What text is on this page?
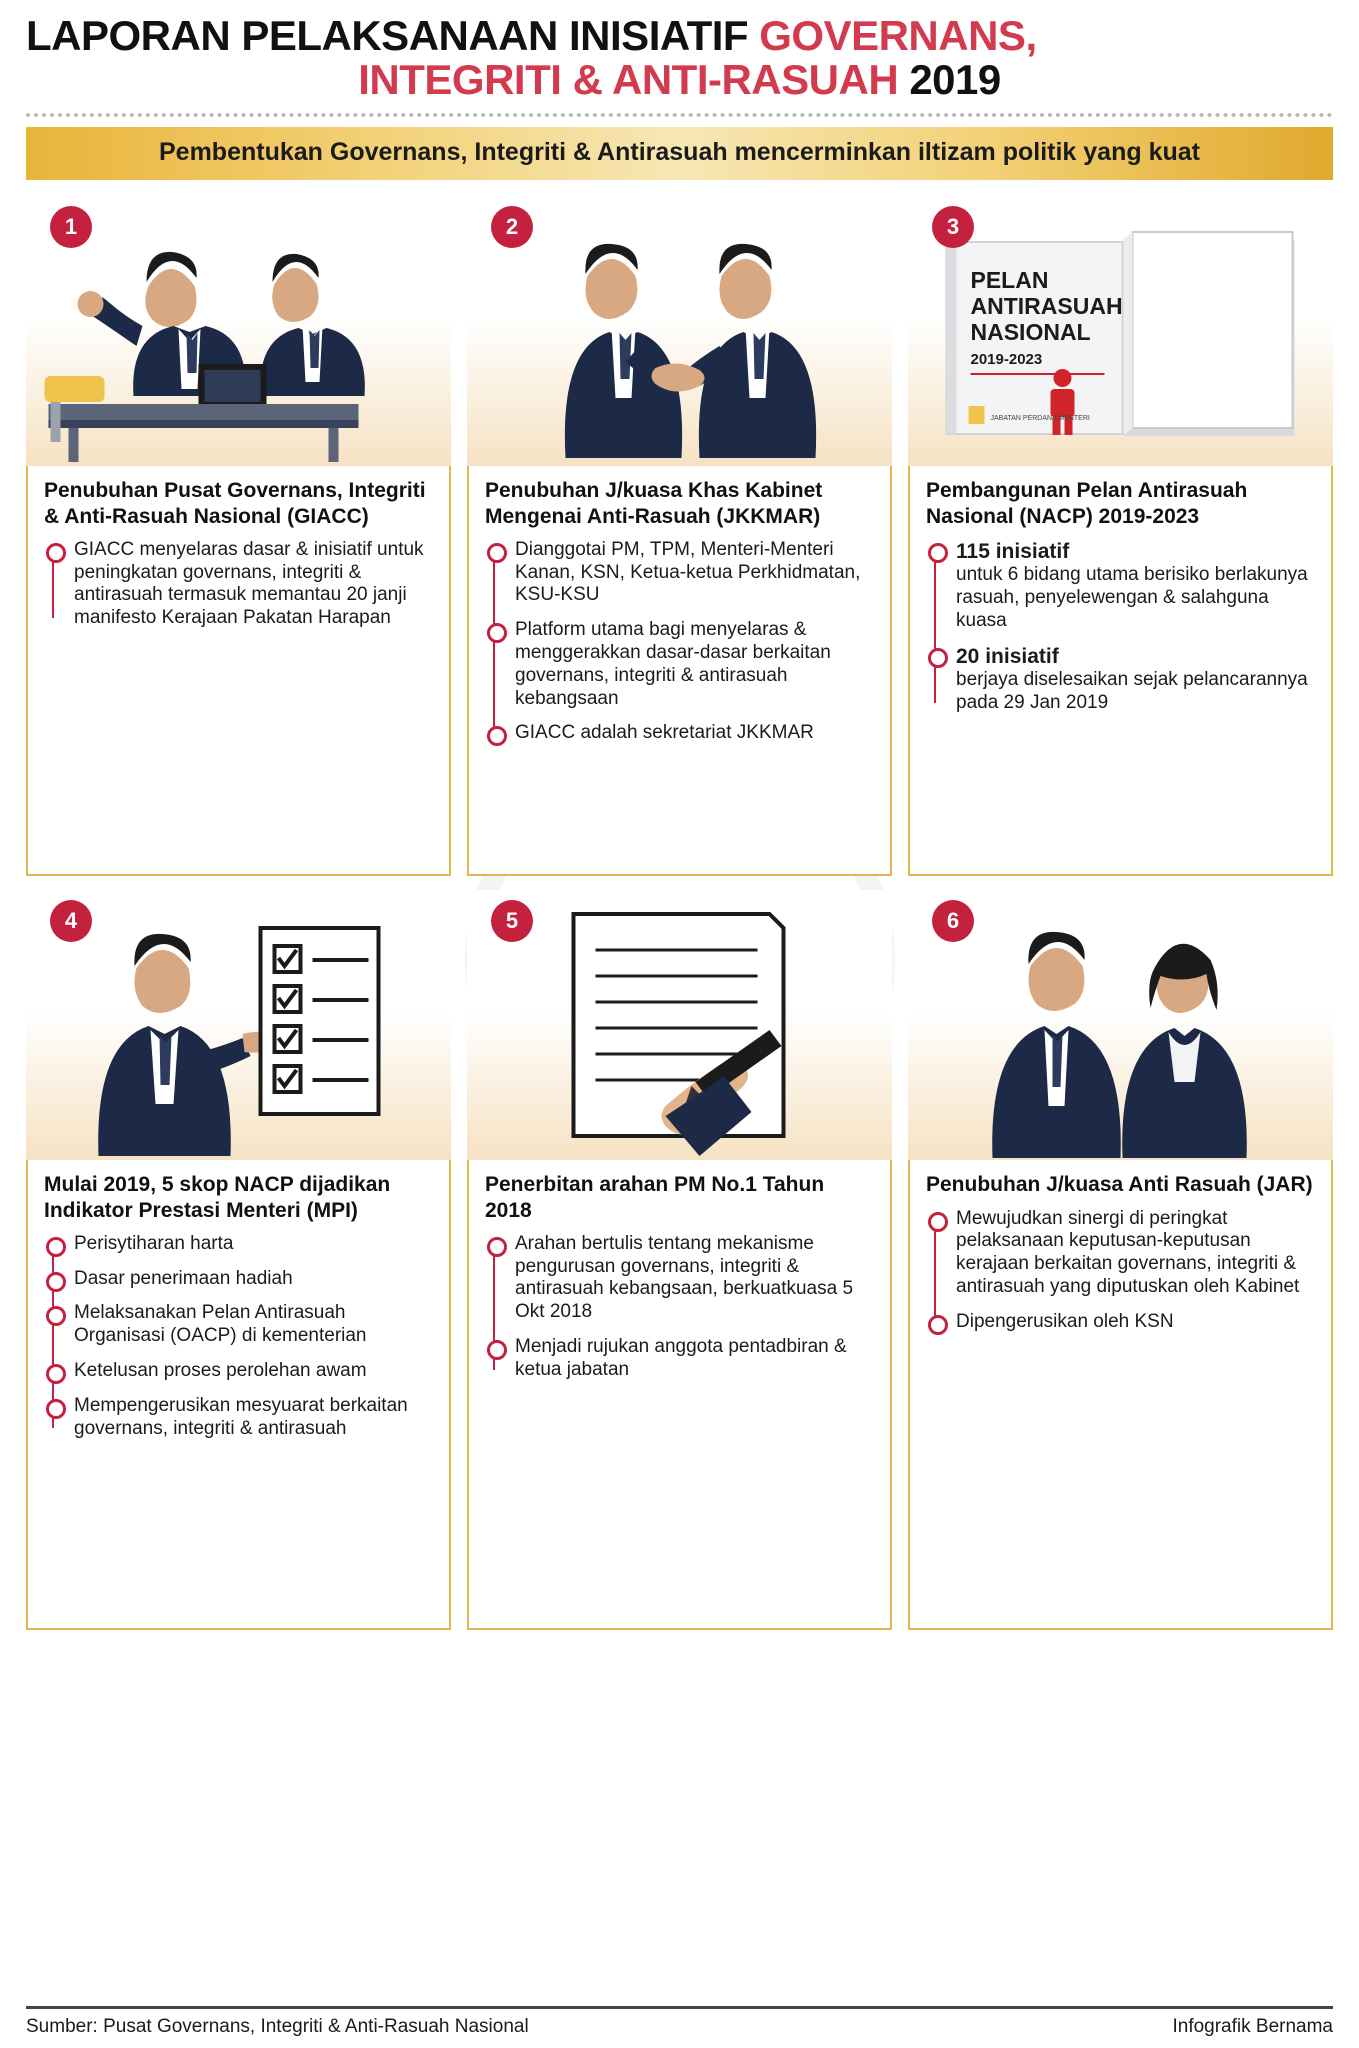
LAPORAN PELAKSANAAN INISIATIF GOVERNANS,
INTEGRITI & ANTI-RASUAH 2019

Pembentukan Governans, Integriti & Antirasuah mencerminkan iltizam politik yang kuat

1
Penubuhan Pusat Governans, Integriti & Anti-Rasuah Nasional (GIACC)
GIACC menyelaras dasar & inisiatif untuk peningkatan governans, integriti & antirasuah termasuk memantau 20 janji manifesto Kerajaan Pakatan Harapan
2
Penubuhan J/kuasa Khas Kabinet Mengenai Anti-Rasuah (JKKMAR)
Dianggotai PM, TPM, Menteri-Menteri Kanan, KSN, Ketua-ketua Perkhidmatan, KSU-KSU
Platform utama bagi menyelaras & menggerakkan dasar-dasar berkaitan governans, integriti & antirasuah kebangsaan
GIACC adalah sekretariat JKKMAR
PELAN
ANTIRASUAH
NASIONAL
2019-2023
JABATAN PERDANA MENTERI
3
Pembangunan Pelan Antirasuah Nasional (NACP) 2019-2023
115 inisiatif
untuk 6 bidang utama berisiko berlakunya rasuah, penyelewengan & salahguna kuasa
20 inisiatif
berjaya diselesaikan sejak pelancarannya pada 29 Jan 2019
4
Mulai 2019, 5 skop NACP dijadikan Indikator Prestasi Menteri (MPI)
Perisytiharan harta
Dasar penerimaan hadiah
Melaksanakan Pelan Antirasuah Organisasi (OACP) di kementerian
Ketelusan proses perolehan awam
Mempengerusikan mesyuarat berkaitan governans, integriti & antirasuah
5
Penerbitan arahan PM No.1 Tahun 2018
Arahan bertulis tentang mekanisme pengurusan governans, integriti & antirasuah kebangsaan, berkuatkuasa 5 Okt 2018
Menjadi rujukan anggota pentadbiran & ketua jabatan
6
Penubuhan J/kuasa Anti Rasuah (JAR)
Mewujudkan sinergi di peringkat pelaksanaan keputusan-keputusan kerajaan berkaitan governans, integriti & antirasuah yang diputuskan oleh Kabinet
Dipengerusikan oleh KSN
Sumber: Pusat Governans, Integriti & Anti-Rasuah Nasional	Infografik Bernama
